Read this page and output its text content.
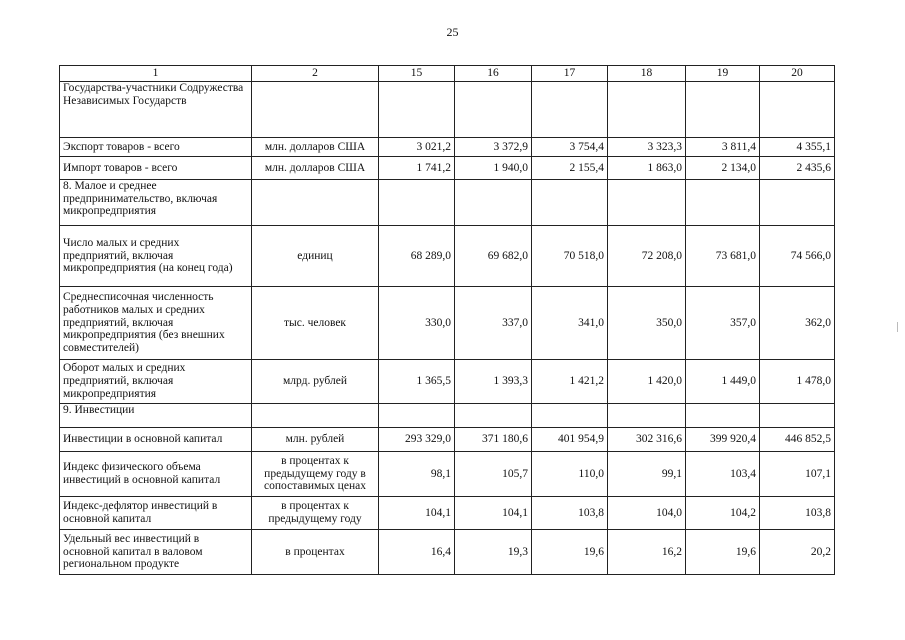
25
1	2	15	16	17	18	19	20
Государства-участники Содружества Независимых Государств							
Экспорт товаров - всего	млн. долларов США	3 021,2	3 372,9	3 754,4	3 323,3	3 811,4	4 355,1
Импорт товаров - всего	млн. долларов США	1 741,2	1 940,0	2 155,4	1 863,0	2 134,0	2 435,6
8. Малое и среднее предпринимательство, включая микропредприятия							
Число малых и средних предприятий, включая микропредприятия (на конец года)	единиц	68 289,0	69 682,0	70 518,0	72 208,0	73 681,0	74 566,0
Среднесписочная численность работников малых и средних предприятий, включая микропредприятия (без внешних совместителей)	тыс. человек	330,0	337,0	341,0	350,0	357,0	362,0
Оборот малых и средних предприятий, включая микропредприятия	млрд. рублей	1 365,5	1 393,3	1 421,2	1 420,0	1 449,0	1 478,0
9. Инвестиции							
Инвестиции в основной капитал	млн. рублей	293 329,0	371 180,6	401 954,9	302 316,6	399 920,4	446 852,5
Индекс физического объема инвестиций в основной капитал	в процентах к предыдущему году в сопоставимых ценах	98,1	105,7	110,0	99,1	103,4	107,1
Индекс-дефлятор инвестиций в основной капитал	в процентах к предыдущему году	104,1	104,1	103,8	104,0	104,2	103,8
Удельный вес инвестиций в основной капитал в валовом региональном продукте	в процентах	16,4	19,3	19,6	16,2	19,6	20,2
